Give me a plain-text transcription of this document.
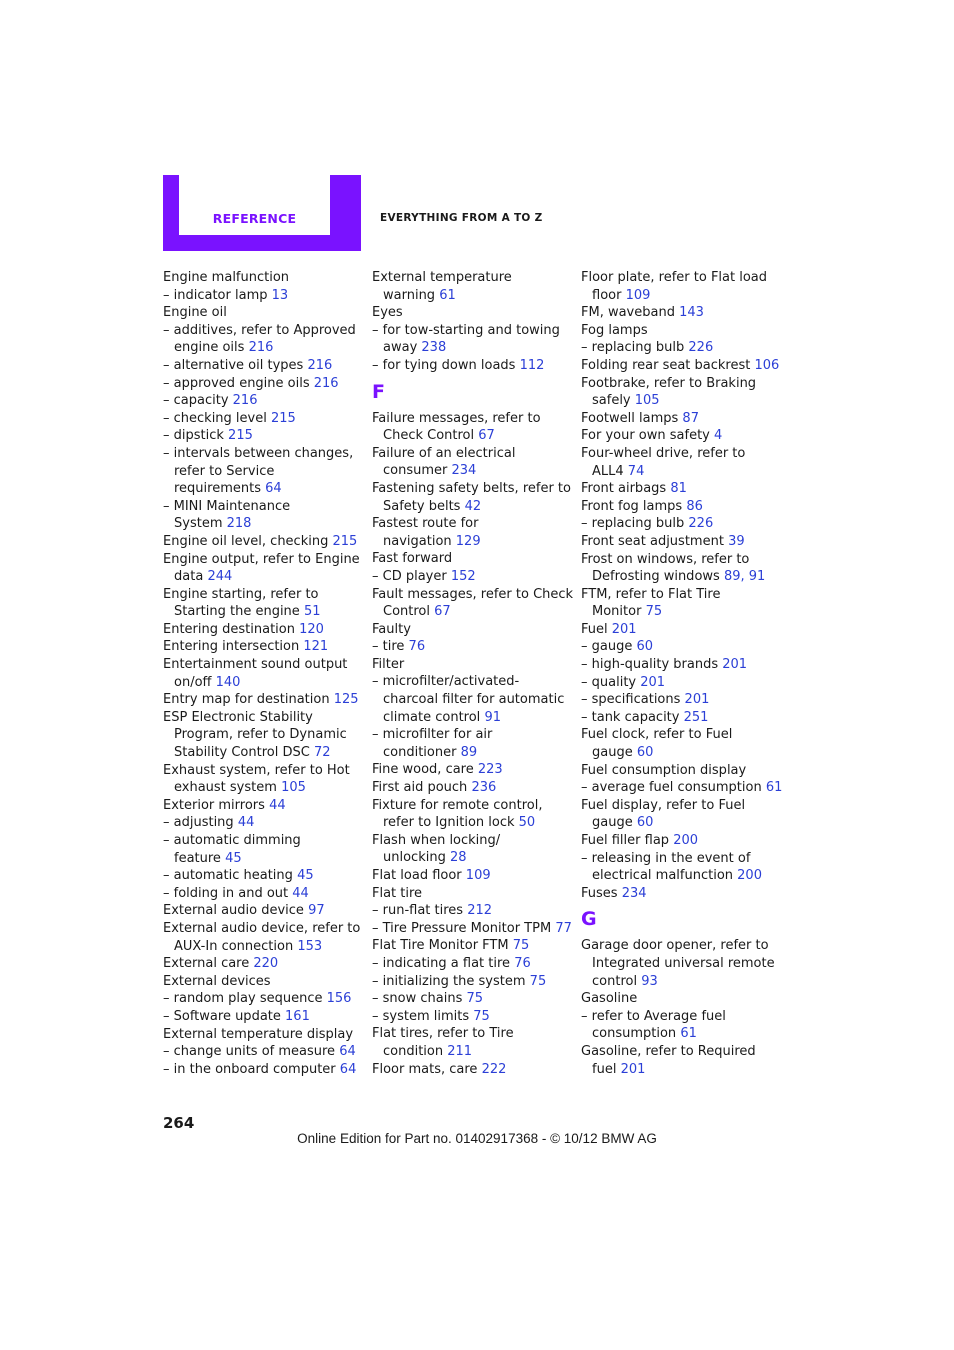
REFERENCE	EVERYTHING FROM A TO Z
Engine malfunction
– indicator lamp 13
Engine oil
– additives, refer to Approved
engine oils 216
– alternative oil types 216
– approved engine oils 216
– capacity 216
– checking level 215
– dipstick 215
– intervals between changes,
refer to Service
requirements 64
– MINI Maintenance
System 218
Engine oil level, checking 215
Engine output, refer to Engine
data 244
Engine starting, refer to
Starting the engine 51
Entering destination 120
Entering intersection 121
Entertainment sound output
on/off 140
Entry map for destination 125
ESP Electronic Stability
Program, refer to Dynamic
Stability Control DSC 72
Exhaust system, refer to Hot
exhaust system 105
Exterior mirrors 44
– adjusting 44
– automatic dimming
feature 45
– automatic heating 45
– folding in and out 44
External audio device 97
External audio device, refer to
AUX-In connection 153
External care 220
External devices
– random play sequence 156
– Software update 161
External temperature display
– change units of measure 64
– in the onboard computer 64
External temperature
warning 61
Eyes
– for tow-starting and towing
away 238
– for tying down loads 112
F
Failure messages, refer to
Check Control 67
Failure of an electrical
consumer 234
Fastening safety belts, refer to
Safety belts 42
Fastest route for
navigation 129
Fast forward
– CD player 152
Fault messages, refer to Check
Control 67
Faulty
– tire 76
Filter
– microfilter/activated-
charcoal filter for automatic
climate control 91
– microfilter for air
conditioner 89
Fine wood, care 223
First aid pouch 236
Fixture for remote control,
refer to Ignition lock 50
Flash when locking/
unlocking 28
Flat load floor 109
Flat tire
– run-flat tires 212
– Tire Pressure Monitor TPM 77
Flat Tire Monitor FTM 75
– indicating a flat tire 76
– initializing the system 75
– snow chains 75
– system limits 75
Flat tires, refer to Tire
condition 211
Floor mats, care 222
Floor plate, refer to Flat load
floor 109
FM, waveband 143
Fog lamps
– replacing bulb 226
Folding rear seat backrest 106
Footbrake, refer to Braking
safely 105
Footwell lamps 87
For your own safety 4
Four-wheel drive, refer to
ALL4 74
Front airbags 81
Front fog lamps 86
– replacing bulb 226
Front seat adjustment 39
Frost on windows, refer to
Defrosting windows 89, 91
FTM, refer to Flat Tire
Monitor 75
Fuel 201
– gauge 60
– high-quality brands 201
– quality 201
– specifications 201
– tank capacity 251
Fuel clock, refer to Fuel
gauge 60
Fuel consumption display
– average fuel consumption 61
Fuel display, refer to Fuel
gauge 60
Fuel filler flap 200
– releasing in the event of
electrical malfunction 200
Fuses 234
G
Garage door opener, refer to
Integrated universal remote
control 93
Gasoline
– refer to Average fuel
consumption 61
Gasoline, refer to Required
fuel 201
264
Online Edition for Part no. 01402917368 - © 10/12 BMW AG
